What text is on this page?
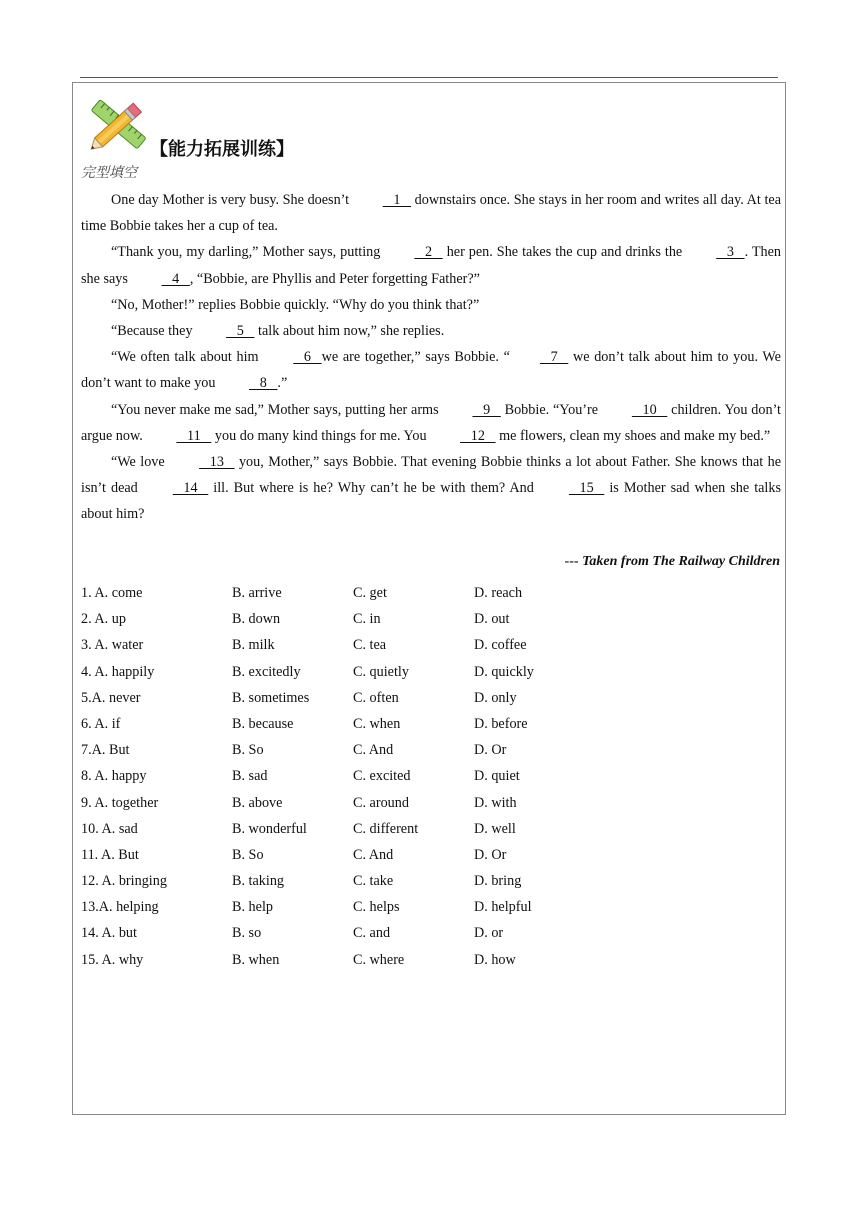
【能力拓展训练】
完型填空

One day Mother is very busy. She doesn’t    1    downstairs once. She stays in her room and writes all day. At tea time Bobbie takes her a cup of tea.

“Thank you, my darling,” Mother says, putting    2    her pen. She takes the cup and drinks the    3   . Then she says    4   , “Bobbie, are Phyllis and Peter forgetting Father?”

“No, Mother!” replies Bobbie quickly. “Why do you think that?”

“Because they    5    talk about him now,” she replies.

“We often talk about him    6   we are together,” says Bobbie. “   7    we don’t talk about him to you. We don’t want to make you    8   .”

“You never make me sad,” Mother says, putting her arms    9    Bobbie. “You’re    10    children. You don’t argue now.    11    you do many kind things for me. You    12    me flowers, clean my shoes and make my bed.”

“We love    13    you, Mother,” says Bobbie. That evening Bobbie thinks a lot about Father. She knows that he isn’t dead    14    ill. But where is he? Why can’t he be with them? And    15    is Mother sad when she talks about him?

--- Taken from The Railway Children
1. A. come	B. arrive	C. get	D. reach
2. A. up	B. down	C. in	D. out
3. A. water	B. milk	C. tea	D. coffee
4. A. happily	B. excitedly	C. quietly	D. quickly
5.A. never	B. sometimes	C. often	D. only
6. A. if	B. because	C. when	D. before
7.A. But	B. So	C. And	D. Or
8. A. happy	B. sad	C. excited	D. quiet
9. A. together	B. above	C. around	D. with
10. A. sad	B. wonderful	C. different	D. well
11. A. But	B. So	C. And	D. Or
12. A. bringing	B. taking	C. take	D. bring
13.A. helping	B. help	C. helps	D. helpful
14. A. but	B. so	C. and	D. or
15. A. why	B. when	C. where	D. how
